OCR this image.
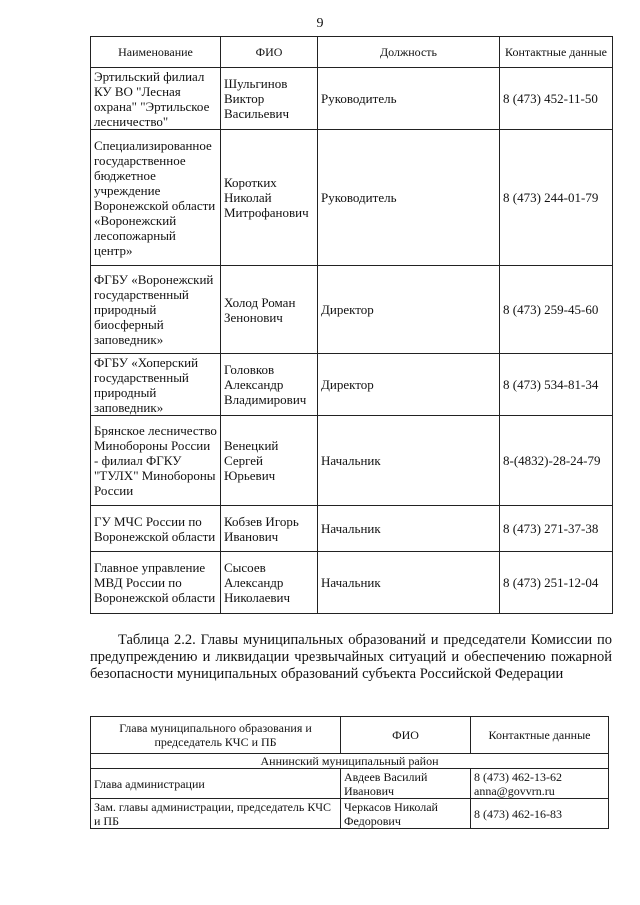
9
Наименование	ФИО	Должность	Контактные данные
Эртильский филиал КУ ВО "Лесная охрана" "Эртильское лесничество"	Шульгинов Виктор Васильевич	Руководитель	8 (473) 452-11-50
Специализированное государственное бюджетное учреждение Воронежской области «Воронежский лесопожарный центр»	Коротких Николай Митрофанович	Руководитель	8 (473) 244-01-79
ФГБУ «Воронежский государственный природный биосферный заповедник»	Холод Роман Зенонович	Директор	8 (473) 259-45-60
ФГБУ «Хоперский государственный природный заповедник»	Головков Александр Владимирович	Директор	8 (473) 534-81-34
Брянское лесничество Минобороны России - филиал ФГКУ "ТУЛХ" Минобороны России	Венецкий Сергей Юрьевич	Начальник	8-(4832)-28-24-79
ГУ МЧС России по Воронежской области	Кобзев Игорь Иванович	Начальник	8 (473) 271-37-38
Главное управление МВД России по Воронежской области	Сысоев Александр Николаевич	Начальник	8 (473) 251-12-04
Таблица 2.2. Главы муниципальных образований и председатели Комиссии по предупреждению и ликвидации чрезвычайных ситуаций и обеспечению пожарной безопасности муниципальных образований субъекта Российской Федерации
Глава муниципального образования и председатель КЧС и ПБ	ФИО	Контактные данные
Аннинский муниципальный район		
Глава администрации	Авдеев Василий Иванович	8 (473) 462-13-62
anna@govvrn.ru

Зам. главы администрации, председатель КЧС и ПБ	Черкасов Николай Федорович	8 (473) 462-16-83
